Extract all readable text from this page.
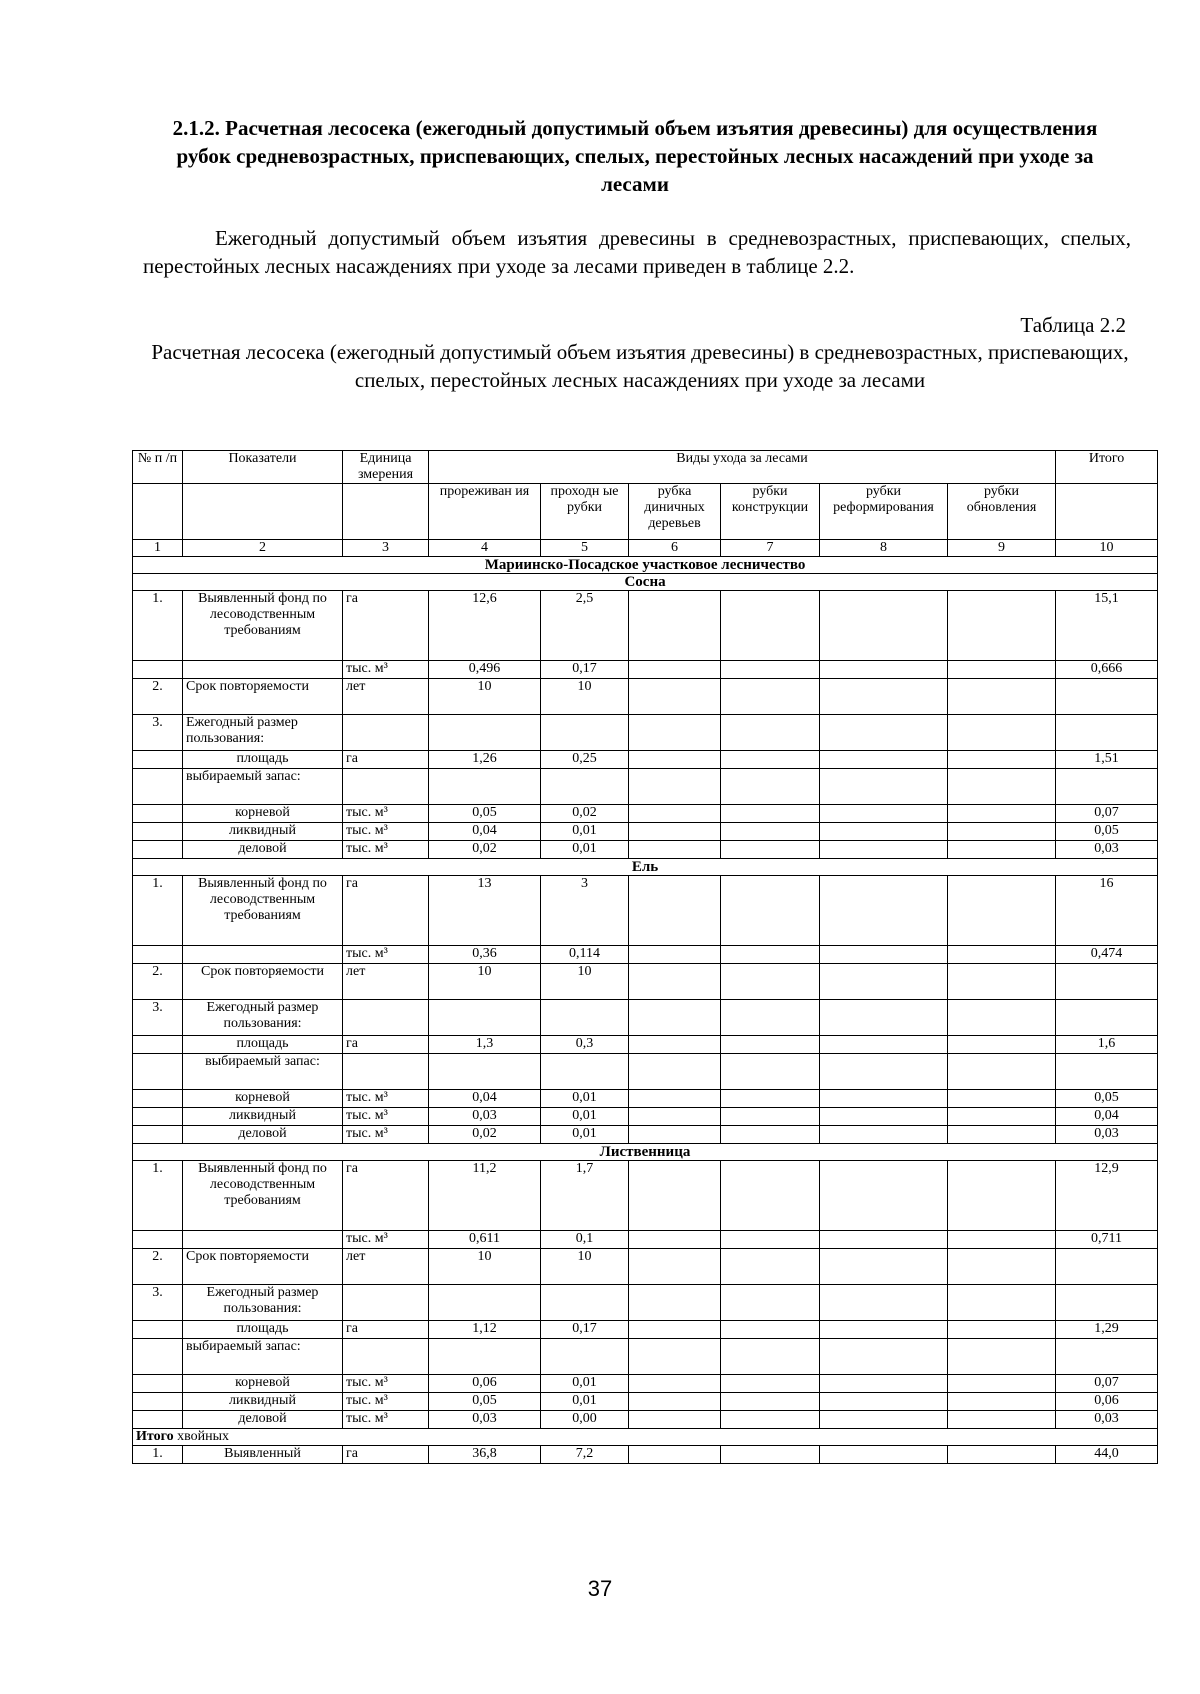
2.1.2. Расчетная лесосека (ежегодный допустимый объем изъятия древесины) для осуществления рубок средневозрастных, приспевающих, спелых, перестойных лесных насаждений при уходе за лесами
Ежегодный допустимый объем изъятия древесины в средневозрастных, приспевающих, спелых, перестойных лесных насаждениях при уходе за лесами приведен в таблице 2.2.
Таблица 2.2
Расчетная лесосека (ежегодный допустимый объем изъятия древесины) в средневозрастных, приспевающих, спелых, перестойных лесных насаждениях при уходе за лесами
№ п /п	Показатели	Единица змерения	Виды ухода за лесами						Итого
			прореживан ия	проходн ые рубки	рубка диничных деревьев	рубки конструкции	рубки реформирования	рубки обновления	
1	2	3	4	5	6	7	8	9	10
Мариинско-Посадское участковое лесничество									
Сосна									
1.	Выявленный фонд по лесоводственным требованиям	га	12,6	2,5					15,1
		тыс. м³	0,496	0,17					0,666
2.	Срок повторяемости	лет	10	10					
3.	Ежегодный размер пользования:								
	площадь	га	1,26	0,25					1,51
	выбираемый запас:								
	корневой	тыс. м³	0,05	0,02					0,07
	ликвидный	тыс. м³	0,04	0,01					0,05
	деловой	тыс. м³	0,02	0,01					0,03
Ель									
1.	Выявленный фонд по лесоводственным требованиям	га	13	3					16
		тыс. м³	0,36	0,114					0,474
2.	Срок повторяемости	лет	10	10					
3.	Ежегодный размер пользования:								
	площадь	га	1,3	0,3					1,6
	выбираемый запас:								
	корневой	тыс. м³	0,04	0,01					0,05
	ликвидный	тыс. м³	0,03	0,01					0,04
	деловой	тыс. м³	0,02	0,01					0,03
Лиственница									
1.	Выявленный фонд по лесоводственным требованиям	га	11,2	1,7					12,9
		тыс. м³	0,611	0,1					0,711
2.	Срок повторяемости	лет	10	10					
3.	Ежегодный размер пользования:								
	площадь	га	1,12	0,17					1,29
	выбираемый запас:								
	корневой	тыс. м³	0,06	0,01					0,07
	ликвидный	тыс. м³	0,05	0,01					0,06
	деловой	тыс. м³	0,03	0,00					0,03
Итого хвойных									
1.	Выявленный	га	36,8	7,2					44,0
37
